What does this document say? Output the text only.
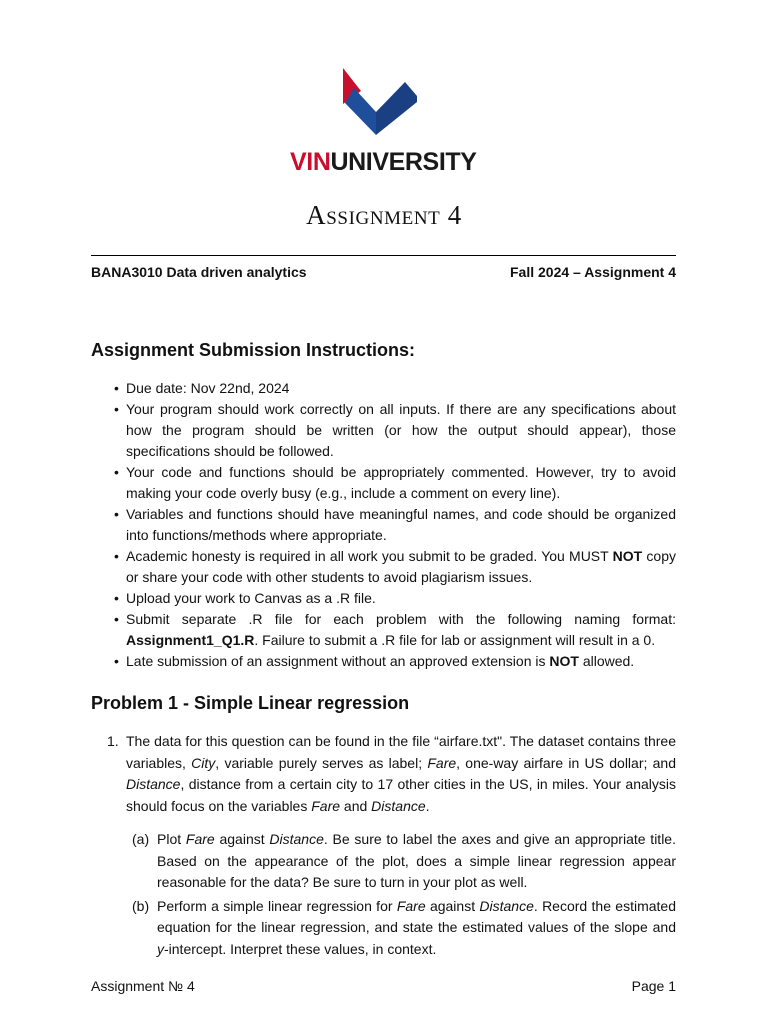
VINUNIVERSITY
Assignment 4
BANA3010 Data driven analytics	Fall 2024 – Assignment 4
Assignment Submission Instructions:
• Due date: Nov 22nd, 2024
• Your program should work correctly on all inputs. If there are any specifications about how the program should be written (or how the output should appear), those specifications should be followed.
• Your code and functions should be appropriately commented. However, try to avoid making your code overly busy (e.g., include a comment on every line).
• Variables and functions should have meaningful names, and code should be organized into functions/methods where appropriate.
• Academic honesty is required in all work you submit to be graded. You MUST NOT copy or share your code with other students to avoid plagiarism issues.
• Upload your work to Canvas as a .R file.
• Submit separate .R file for each problem with the following naming format: Assignment1_Q1.R. Failure to submit a .R file for lab or assignment will result in a 0.
• Late submission of an assignment without an approved extension is NOT allowed.
Problem 1 - Simple Linear regression
1. The data for this question can be found in the file “airfare.txt". The dataset contains three variables, City, variable purely serves as label; Fare, one-way airfare in US dollar; and Distance, distance from a certain city to 17 other cities in the US, in miles. Your analysis should focus on the variables Fare and Distance.
(a) Plot Fare against Distance. Be sure to label the axes and give an appropriate title. Based on the appearance of the plot, does a simple linear regression appear reasonable for the data? Be sure to turn in your plot as well.
(b) Perform a simple linear regression for Fare against Distance. Record the estimated equation for the linear regression, and state the estimated values of the slope and y-intercept. Interpret these values, in context.
Assignment № 4	Page 1
